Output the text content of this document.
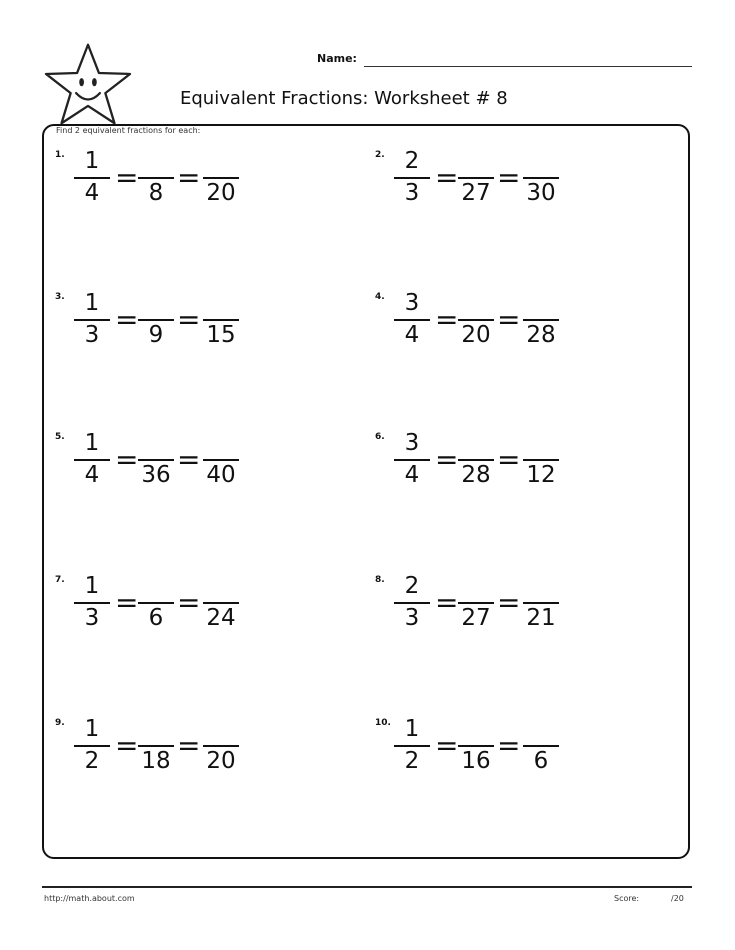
Name:
Equivalent Fractions: Worksheet # 8
Find 2 equivalent fractions for each:
1. 1
4 = 8 = 20
2. 2
3 = 27 = 30
3. 1
3 = 9 = 15
4. 3
4 = 20 = 28
5. 1
4 = 36 = 40
6. 3
4 = 28 = 12
7. 1
3 = 6 = 24
8. 2
3 = 27 = 21
9. 1
2 = 18 = 20
10. 1
2 = 16 = 6
http://math.about.com	Score:	/20
